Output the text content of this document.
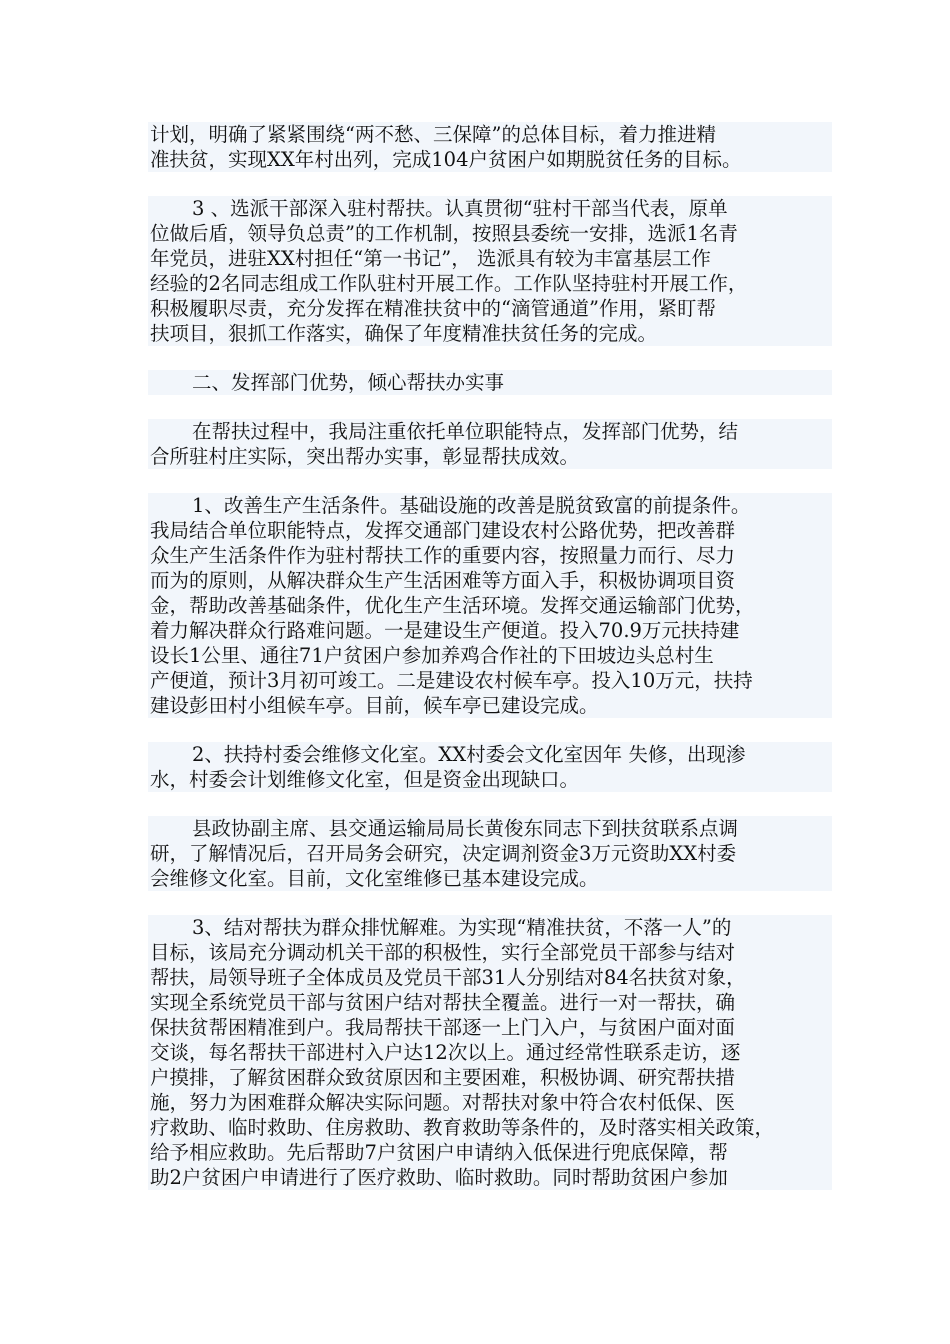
计划，明确了紧紧围绕“两不愁、三保障”的总体目标，着力推进精
准扶贫，实现XX年村出列，完成104户贫困户如期脱贫任务的目标。
3 、选派干部深入驻村帮扶。认真贯彻“驻村干部当代表，原单
位做后盾，领导负总责”的工作机制，按照县委统一安排，选派1名青
年党员，进驻XX村担任“第一书记”， 选派具有较为丰富基层工作
经验的2名同志组成工作队驻村开展工作。工作队坚持驻村开展工作，
积极履职尽责，充分发挥在精准扶贫中的“滴管通道”作用，紧盯帮
扶项目，狠抓工作落实，确保了年度精准扶贫任务的完成。
二、发挥部门优势，倾心帮扶办实事
在帮扶过程中，我局注重依托单位职能特点，发挥部门优势，结
合所驻村庄实际，突出帮办实事，彰显帮扶成效。
1、改善生产生活条件。基础设施的改善是脱贫致富的前提条件。
我局结合单位职能特点，发挥交通部门建设农村公路优势，把改善群
众生产生活条件作为驻村帮扶工作的重要内容，按照量力而行、尽力
而为的原则，从解决群众生产生活困难等方面入手，积极协调项目资
金，帮助改善基础条件，优化生产生活环境。发挥交通运输部门优势，
着力解决群众行路难问题。一是建设生产便道。投入70.9万元扶持建
设长1公里、通往71户贫困户参加养鸡合作社的下田坡边头总村生
产便道，预计3月初可竣工。二是建设农村候车亭。投入10万元，扶持
建设彭田村小组候车亭。目前，候车亭已建设完成。
2、扶持村委会维修文化室。XX村委会文化室因年 失修，出现渗
水，村委会计划维修文化室，但是资金出现缺口。
县政协副主席、县交通运输局局长黄俊东同志下到扶贫联系点调
研，了解情况后，召开局务会研究，决定调剂资金3万元资助XX村委
会维修文化室。目前，文化室维修已基本建设完成。
3、结对帮扶为群众排忧解难。为实现“精准扶贫，不落一人”的
目标，该局充分调动机关干部的积极性，实行全部党员干部参与结对
帮扶，局领导班子全体成员及党员干部31人分别结对84名扶贫对象，
实现全系统党员干部与贫困户结对帮扶全覆盖。进行一对一帮扶，确
保扶贫帮困精准到户。我局帮扶干部逐一上门入户，与贫困户面对面
交谈，每名帮扶干部进村入户达12次以上。通过经常性联系走访，逐
户摸排，了解贫困群众致贫原因和主要困难，积极协调、研究帮扶措
施，努力为困难群众解决实际问题。对帮扶对象中符合农村低保、医
疗救助、临时救助、住房救助、教育救助等条件的，及时落实相关政策，
给予相应救助。先后帮助7户贫困户申请纳入低保进行兜底保障，帮
助2户贫困户申请进行了医疗救助、临时救助。同时帮助贫困户参加
